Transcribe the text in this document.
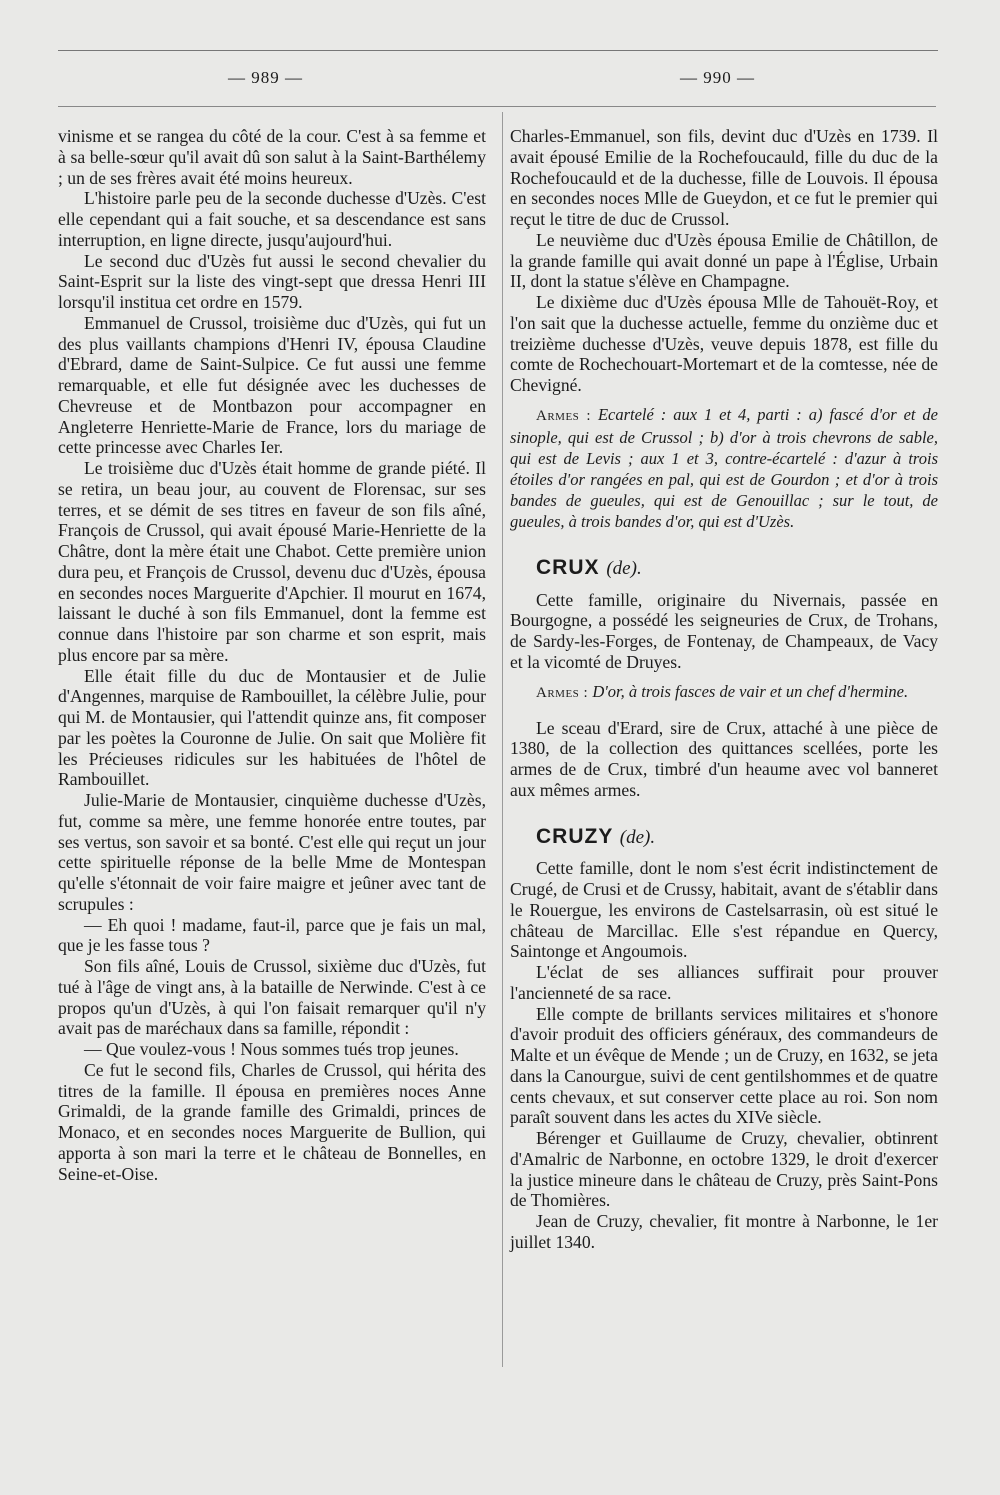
— 989 —	— 990 —

vinisme et se rangea du côté de la cour. C'est à sa femme et à sa belle-sœur qu'il avait dû son salut à la Saint-Barthélemy ; un de ses frères avait été moins heureux.

L'histoire parle peu de la seconde duchesse d'Uzès. C'est elle cependant qui a fait souche, et sa descendance est sans interruption, en ligne directe, jusqu'aujourd'hui.

Le second duc d'Uzès fut aussi le second chevalier du Saint-Esprit sur la liste des vingt-sept que dressa Henri III lorsqu'il institua cet ordre en 1579.

Emmanuel de Crussol, troisième duc d'Uzès, qui fut un des plus vaillants champions d'Henri IV, épousa Claudine d'Ebrard, dame de Saint-Sulpice. Ce fut aussi une femme remarquable, et elle fut désignée avec les duchesses de Chevreuse et de Montbazon pour accompagner en Angleterre Henriette-Marie de France, lors du mariage de cette princesse avec Charles Ier.

Le troisième duc d'Uzès était homme de grande piété. Il se retira, un beau jour, au couvent de Florensac, sur ses terres, et se démit de ses titres en faveur de son fils aîné, François de Crussol, qui avait épousé Marie-Henriette de la Châtre, dont la mère était une Chabot. Cette première union dura peu, et François de Crussol, devenu duc d'Uzès, épousa en secondes noces Marguerite d'Apchier. Il mourut en 1674, laissant le duché à son fils Emmanuel, dont la femme est connue dans l'histoire par son charme et son esprit, mais plus encore par sa mère.

Elle était fille du duc de Montausier et de Julie d'Angennes, marquise de Rambouillet, la célèbre Julie, pour qui M. de Montausier, qui l'attendit quinze ans, fit composer par les poètes la Couronne de Julie. On sait que Molière fit les Précieuses ridicules sur les habituées de l'hôtel de Rambouillet.

Julie-Marie de Montausier, cinquième duchesse d'Uzès, fut, comme sa mère, une femme honorée entre toutes, par ses vertus, son savoir et sa bonté. C'est elle qui reçut un jour cette spirituelle réponse de la belle Mme de Montespan qu'elle s'étonnait de voir faire maigre et jeûner avec tant de scrupules :

— Eh quoi ! madame, faut-il, parce que je fais un mal, que je les fasse tous ?

Son fils aîné, Louis de Crussol, sixième duc d'Uzès, fut tué à l'âge de vingt ans, à la bataille de Nerwinde. C'est à ce propos qu'un d'Uzès, à qui l'on faisait remarquer qu'il n'y avait pas de maréchaux dans sa famille, répondit :

— Que voulez-vous ! Nous sommes tués trop jeunes.

Ce fut le second fils, Charles de Crussol, qui hérita des titres de la famille. Il épousa en premières noces Anne Grimaldi, de la grande famille des Grimaldi, princes de Monaco, et en secondes noces Marguerite de Bullion, qui apporta à son mari la terre et le château de Bonnelles, en Seine-et-Oise.

Charles-Emmanuel, son fils, devint duc d'Uzès en 1739. Il avait épousé Emilie de la Rochefoucauld, fille du duc de la Rochefoucauld et de la duchesse, fille de Louvois. Il épousa en secondes noces Mlle de Gueydon, et ce fut le premier qui reçut le titre de duc de Crussol.

Le neuvième duc d'Uzès épousa Emilie de Châtillon, de la grande famille qui avait donné un pape à l'Église, Urbain II, dont la statue s'élève en Champagne.

Le dixième duc d'Uzès épousa Mlle de Tahouët-Roy, et l'on sait que la duchesse actuelle, femme du onzième duc et treizième duchesse d'Uzès, veuve depuis 1878, est fille du comte de Rochechouart-Mortemart et de la comtesse, née de Chevigné.

Armes : Ecartelé : aux 1 et 4, parti : a) fascé d'or et de sinople, qui est de Crussol ; b) d'or à trois chevrons de sable, qui est de Levis ; aux 1 et 3, contre-écartelé : d'azur à trois étoiles d'or rangées en pal, qui est de Gourdon ; et d'or à trois bandes de gueules, qui est de Genouillac ; sur le tout, de gueules, à trois bandes d'or, qui est d'Uzès.

CRUX (de).

Cette famille, originaire du Nivernais, passée en Bourgogne, a possédé les seigneuries de Crux, de Trohans, de Sardy-les-Forges, de Fontenay, de Champeaux, de Vacy et la vicomté de Druyes.

Armes : D'or, à trois fasces de vair et un chef d'hermine.

Le sceau d'Erard, sire de Crux, attaché à une pièce de 1380, de la collection des quittances scellées, porte les armes de de Crux, timbré d'un heaume avec vol banneret aux mêmes armes.

CRUZY (de).

Cette famille, dont le nom s'est écrit indistinctement de Crugé, de Crusi et de Crussy, habitait, avant de s'établir dans le Rouergue, les environs de Castelsarrasin, où est situé le château de Marcillac. Elle s'est répandue en Quercy, Saintonge et Angoumois.

L'éclat de ses alliances suffirait pour prouver l'ancienneté de sa race.

Elle compte de brillants services militaires et s'honore d'avoir produit des officiers généraux, des commandeurs de Malte et un évêque de Mende ; un de Cruzy, en 1632, se jeta dans la Canourgue, suivi de cent gentilshommes et de quatre cents chevaux, et sut conserver cette place au roi. Son nom paraît souvent dans les actes du XIVe siècle.

Bérenger et Guillaume de Cruzy, chevalier, obtinrent d'Amalric de Narbonne, en octobre 1329, le droit d'exercer la justice mineure dans le château de Cruzy, près Saint-Pons de Thomières.

Jean de Cruzy, chevalier, fit montre à Narbonne, le 1er juillet 1340.
